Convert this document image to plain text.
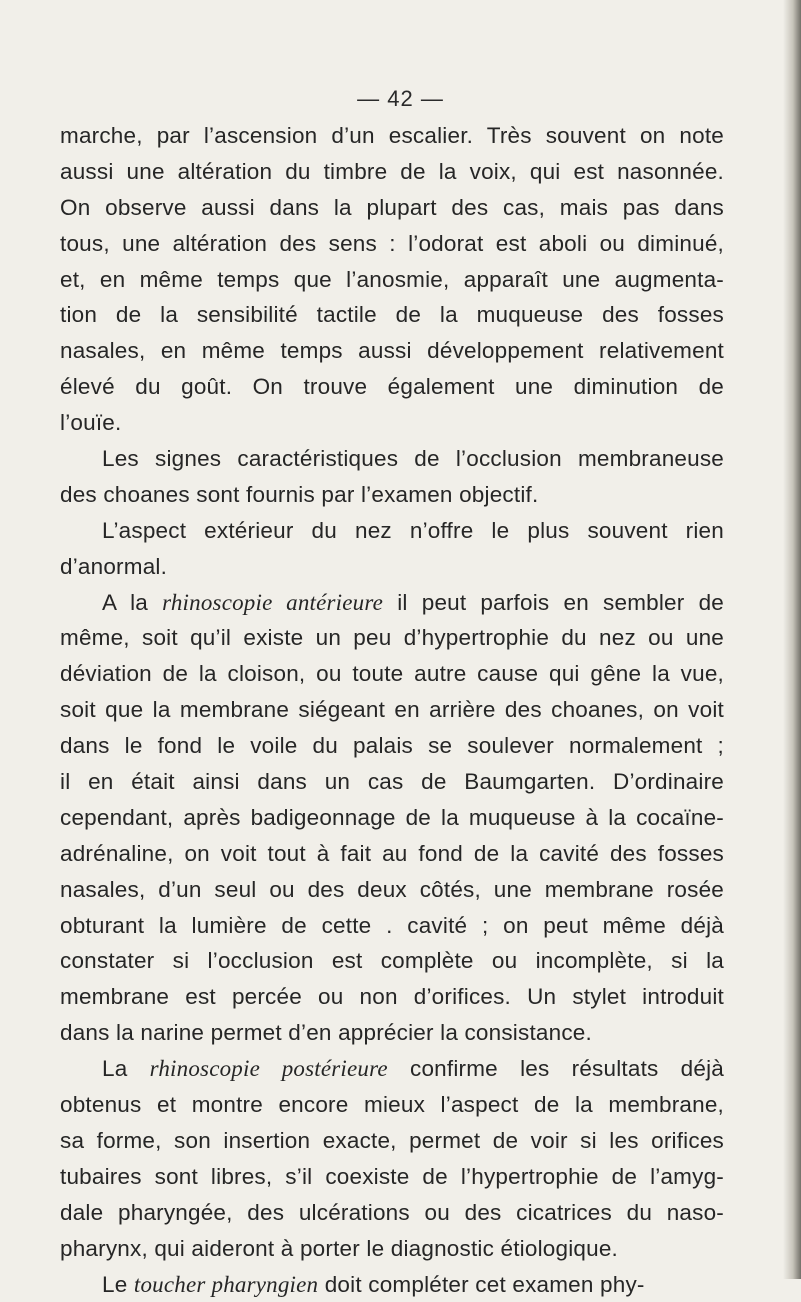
— 42 —
marche, par l’ascension d’un escalier. Très souvent on note
aussi une altération du timbre de la voix, qui est nasonnée.
On observe aussi dans la plupart des cas, mais pas dans
tous, une altération des sens : l’odorat est aboli ou diminué,
et, en même temps que l’anosmie, apparaît une augmenta-
tion de la sensibilité tactile de la muqueuse des fosses
nasales, en même temps aussi développement relativement
élevé du goût. On trouve également une diminution de
l’ouïe.
Les signes caractéristiques de l’occlusion membraneuse
des choanes sont fournis par l’examen objectif.
L’aspect extérieur du nez n’offre le plus souvent rien
d’anormal.
A la rhinoscopie antérieure il peut parfois en sembler de
même, soit qu’il existe un peu d’hypertrophie du nez ou une
déviation de la cloison, ou toute autre cause qui gêne la vue,
soit que la membrane siégeant en arrière des choanes, on voit
dans le fond le voile du palais se soulever normalement ;
il en était ainsi dans un cas de Baumgarten. D’ordinaire
cependant, après badigeonnage de la muqueuse à la cocaïne-
adrénaline, on voit tout à fait au fond de la cavité des fosses
nasales, d’un seul ou des deux côtés, une membrane rosée
obturant la lumière de cette . cavité ; on peut même déjà
constater si l’occlusion est complète ou incomplète, si la
membrane est percée ou non d’orifices. Un stylet introduit
dans la narine permet d’en apprécier la consistance.
La rhinoscopie postérieure confirme les résultats déjà
obtenus et montre encore mieux l’aspect de la membrane,
sa forme, son insertion exacte, permet de voir si les orifices
tubaires sont libres, s’il coexiste de l’hypertrophie de l’amyg-
dale pharyngée, des ulcérations ou des cicatrices du naso-
pharynx, qui aideront à porter le diagnostic étiologique.
Le toucher pharyngien doit compléter cet examen phy-
